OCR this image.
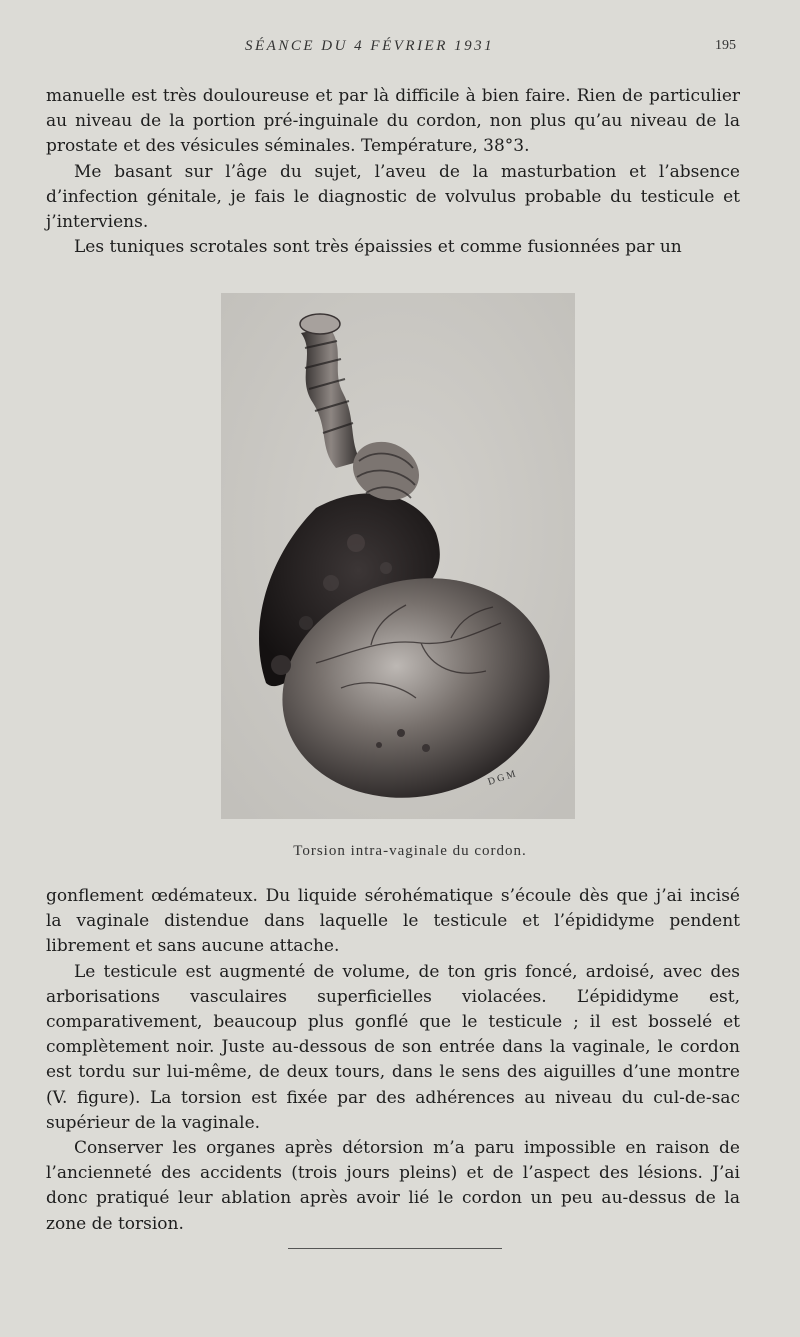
SÉANCE DU 4 FÉVRIER 1931	195

manuelle est très douloureuse et par là difficile à bien faire. Rien de particulier au niveau de la portion pré-inguinale du cordon, non plus qu’au niveau de la prostate et des vésicules séminales. Température, 38°3.

Me basant sur l’âge du sujet, l’aveu de la masturbation et l’absence d’infection génitale, je fais le diagnostic de volvulus probable du testicule et j’interviens.

Les tuniques scrotales sont très épaissies et comme fusionnées par un

D G M
Torsion intra-vaginale du cordon.

gonflement œdémateux. Du liquide sérohématique s’écoule dès que j’ai incisé la vaginale distendue dans laquelle le testicule et l’épididyme pendent librement et sans aucune attache.

Le testicule est augmenté de volume, de ton gris foncé, ardoisé, avec des arborisations vasculaires superficielles violacées. L’épididyme est, comparativement, beaucoup plus gonflé que le testicule ; il est bosselé et complètement noir. Juste au-dessous de son entrée dans la vaginale, le cordon est tordu sur lui-même, de deux tours, dans le sens des aiguilles d’une montre (V. figure). La torsion est fixée par des adhérences au niveau du cul-de-sac supérieur de la vaginale.

Conserver les organes après détorsion m’a paru impossible en raison de l’ancienneté des accidents (trois jours pleins) et de l’aspect des lésions. J’ai donc pratiqué leur ablation après avoir lié le cordon un peu au-dessus de la zone de torsion.
